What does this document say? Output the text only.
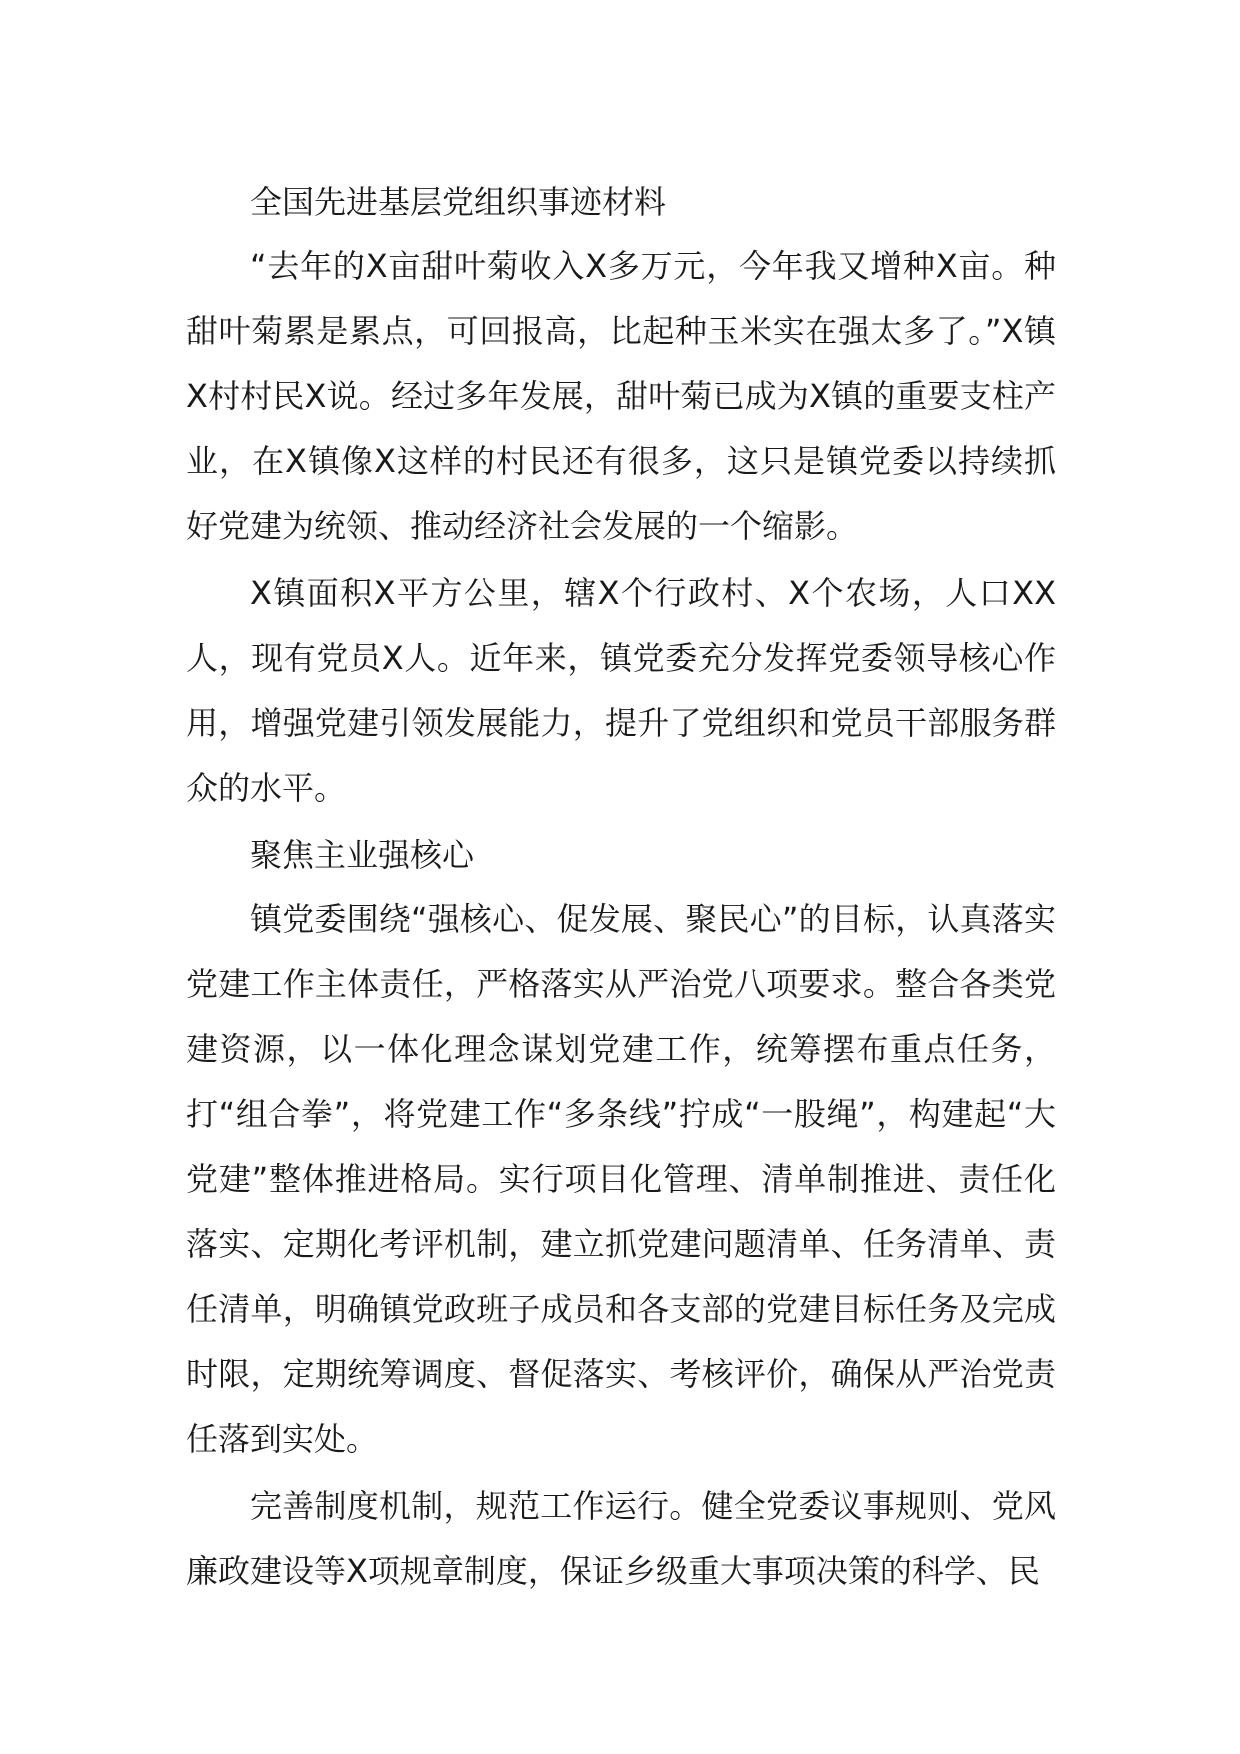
全国先进基层党组织事迹材料

“去年的X亩甜叶菊收入X多万元，今年我又增种X亩。种甜叶菊累是累点，可回报高，比起种玉米实在强太多了。”X镇X村村民X说。经过多年发展，甜叶菊已成为X镇的重要支柱产业，在X镇像X这样的村民还有很多，这只是镇党委以持续抓好党建为统领、推动经济社会发展的一个缩影。

X镇面积X平方公里，辖X个行政村、X个农场，人口XX人，现有党员X人。近年来，镇党委充分发挥党委领导核心作用，增强党建引领发展能力，提升了党组织和党员干部服务群众的水平。

聚焦主业强核心

镇党委围绕“强核心、促发展、聚民心”的目标，认真落实党建工作主体责任，严格落实从严治党八项要求。整合各类党建资源，以一体化理念谋划党建工作，统筹摆布重点任务，打“组合拳”，将党建工作“多条线”拧成“一股绳”，构建起“大党建”整体推进格局。实行项目化管理、清单制推进、责任化落实、定期化考评机制，建立抓党建问题清单、任务清单、责任清单，明确镇党政班子成员和各支部的党建目标任务及完成时限，定期统筹调度、督促落实、考核评价，确保从严治党责任落到实处。

完善制度机制，规范工作运行。健全党委议事规则、党风廉政建设等X项规章制度，保证乡级重大事项决策的科学、民
